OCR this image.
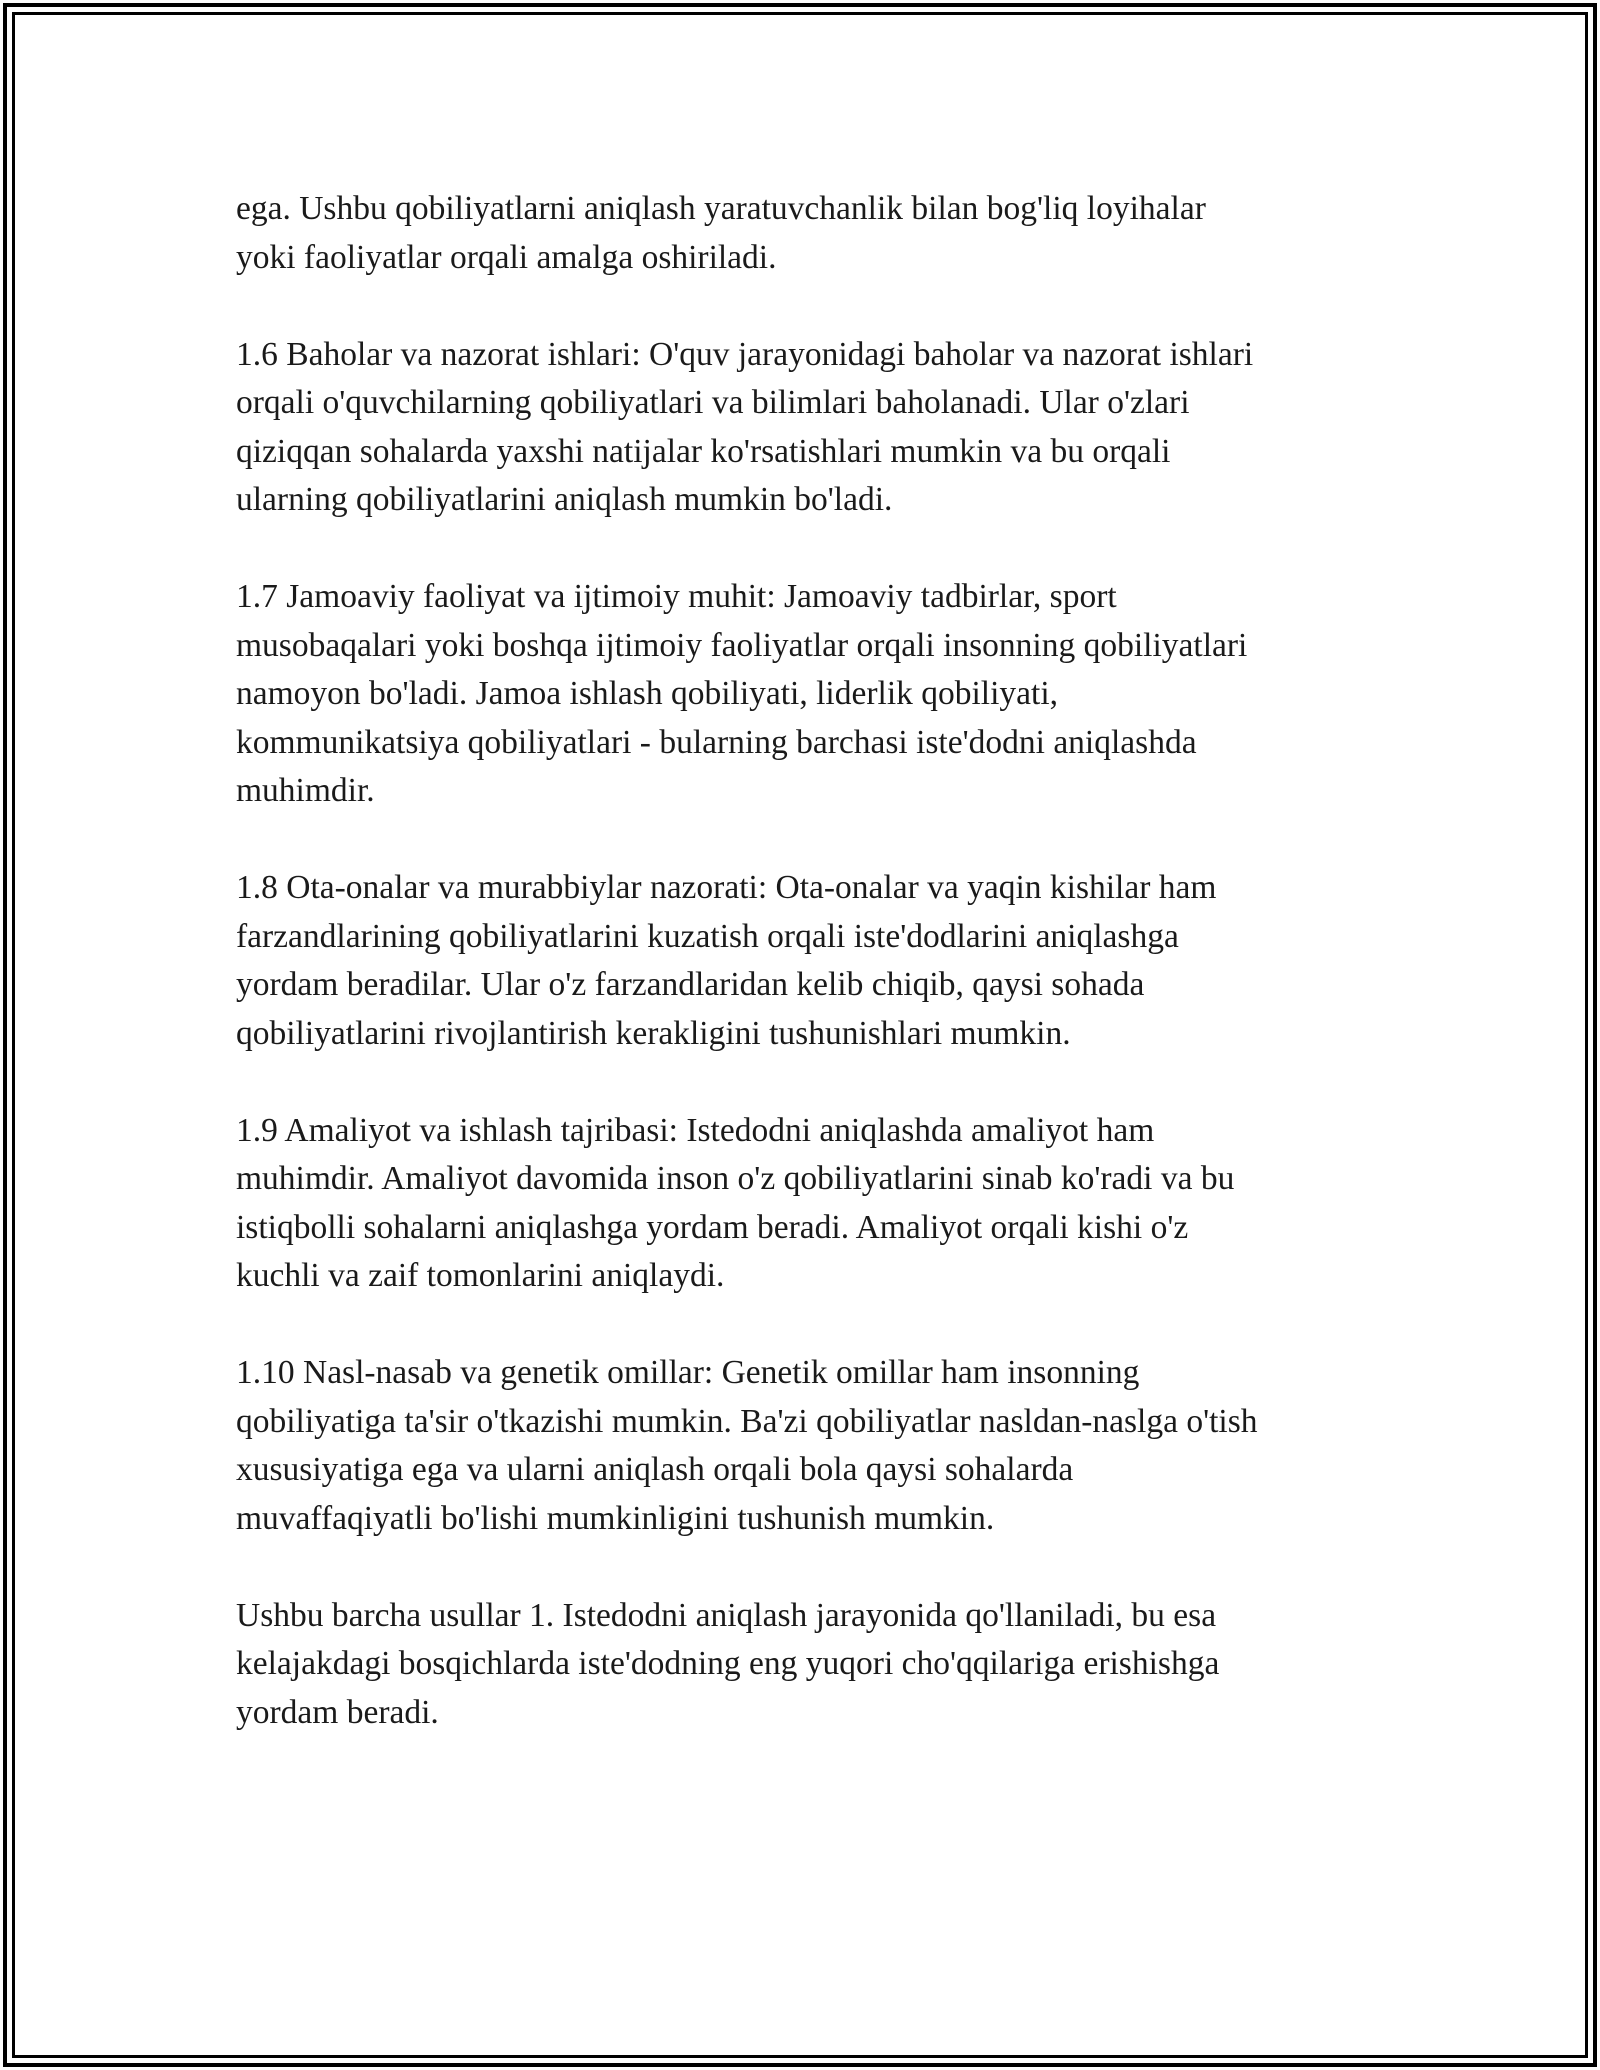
ega. Ushbu qobiliyatlarni aniqlash yaratuvchanlik bilan bog'liq loyihalar
yoki faoliyatlar orqali amalga oshiriladi.

1.6 Baholar va nazorat ishlari: O'quv jarayonidagi baholar va nazorat ishlari
orqali o'quvchilarning qobiliyatlari va bilimlari baholanadi. Ular o'zlari
qiziqqan sohalarda yaxshi natijalar ko'rsatishlari mumkin va bu orqali
ularning qobiliyatlarini aniqlash mumkin bo'ladi.

1.7 Jamoaviy faoliyat va ijtimoiy muhit: Jamoaviy tadbirlar, sport
musobaqalari yoki boshqa ijtimoiy faoliyatlar orqali insonning qobiliyatlari
namoyon bo'ladi. Jamoa ishlash qobiliyati, liderlik qobiliyati,
kommunikatsiya qobiliyatlari - bularning barchasi iste'dodni aniqlashda
muhimdir.

1.8 Ota-onalar va murabbiylar nazorati: Ota-onalar va yaqin kishilar ham
farzandlarining qobiliyatlarini kuzatish orqali iste'dodlarini aniqlashga
yordam beradilar. Ular o'z farzandlaridan kelib chiqib, qaysi sohada
qobiliyatlarini rivojlantirish kerakligini tushunishlari mumkin.

1.9 Amaliyot va ishlash tajribasi: Istedodni aniqlashda amaliyot ham
muhimdir. Amaliyot davomida inson o'z qobiliyatlarini sinab ko'radi va bu
istiqbolli sohalarni aniqlashga yordam beradi. Amaliyot orqali kishi o'z
kuchli va zaif tomonlarini aniqlaydi.

1.10 Nasl-nasab va genetik omillar: Genetik omillar ham insonning
qobiliyatiga ta'sir o'tkazishi mumkin. Ba'zi qobiliyatlar nasldan-naslga o'tish
xususiyatiga ega va ularni aniqlash orqali bola qaysi sohalarda
muvaffaqiyatli bo'lishi mumkinligini tushunish mumkin.

Ushbu barcha usullar 1. Istedodni aniqlash jarayonida qo'llaniladi, bu esa
kelajakdagi bosqichlarda iste'dodning eng yuqori cho'qqilariga erishishga
yordam beradi.
